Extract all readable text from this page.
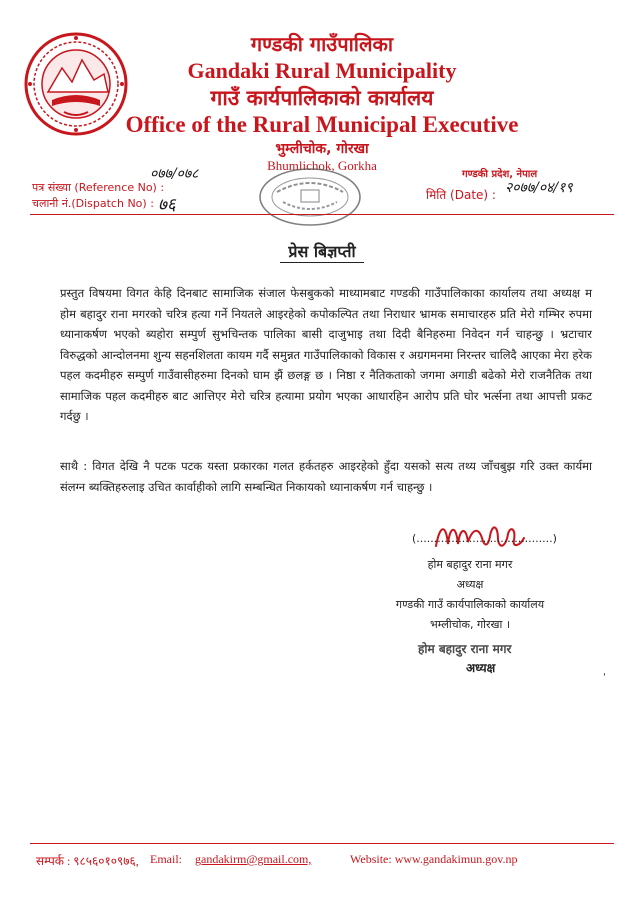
गण्डकी गाउँपालिका
Gandaki Rural Municipality
गाउँ कार्यपालिकाको कार्यालय
Office of the Rural Municipal Executive
भुम्लीचोक, गोरखा
Bhumlichok, Gorkha
०७७/०७८
पत्र संख्या (Reference No) :
चलानी नं.(Dispatch No) : ७६
गण्डकी प्रदेश, नेपाल
मिति (Date) : २०७७/०४/१९
प्रेस बिज्ञप्ती
प्रस्तुत विषयमा विगत केहि दिनबाट सामाजिक संजाल फेसबुकको माध्यामबाट गण्डकी गाउँपालिकाका कार्यालय तथा अध्यक्ष म होम बहादुर राना मगरको चरित्र हत्या गर्ने नियतले आइरहेको कपोकल्पित तथा निराधार भ्रामक समाचारहरु प्रति मेरो गम्भिर रुपमा ध्यानाकर्षण भएको ब्यहोरा सम्पुर्ण सुभचिन्तक पालिका बासी दाजुभाइ तथा दिदी बैनिहरुमा निवेदन गर्न चाहन्छु । भ्रटाचार विरुद्धको आन्दोलनमा शुन्य सहनशिलता कायम गर्दै समुन्नत गाउँपालिकाको विकास र अग्रगमनमा निरन्तर चालिदै आएका मेरा हरेक पहल कदमीहरु सम्पुर्ण गाउँवासीहरुमा दिनको घाम झैं छलङ्ग छ । निष्ठा र नैतिकताको जगमा अगाडी बढेको मेरो राजनैतिक तथा सामाजिक पहल कदमीहरु बाट आत्तिएर मेरो चरित्र हत्यामा प्रयोग भएका आधारहिन आरोप प्रति घोर भर्त्सना तथा आपत्ती प्रकट गर्दछु ।
साथै : विगत देखि नै पटक पटक यस्ता प्रकारका गलत हर्कतहरु आइरहेको हुँदा यसको सत्य तथ्य जाँचबुझ गरि उक्त कार्यमा संलग्न ब्यक्तिहरुलाइ उचित कार्वाहीको लागि सम्बन्धित निकायको ध्यानाकर्षण गर्न चाहन्छु ।
(.......................................)
होम बहादुर राना मगर
अध्यक्ष
गण्डकी गाउँ कार्यपालिकाको कार्यालय
भम्लीचोक, गोरखा ।
होम बहादुर राना मगर
अध्यक्ष
'
सम्पर्क : ९८५६०१०९७६, Email: gandakirm@gmail.com,	Website: www.gandakimun.gov.np
